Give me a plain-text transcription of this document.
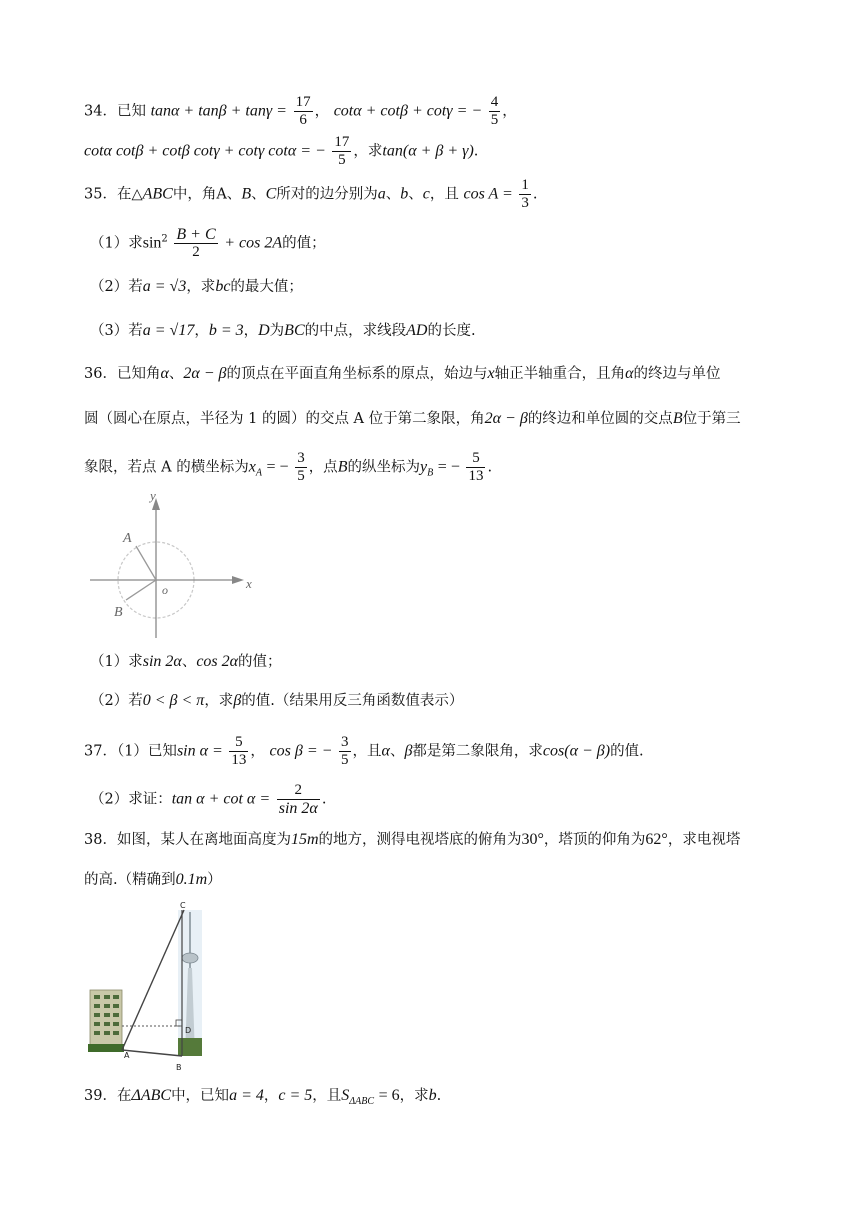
34．已知 $\tan\alpha + \tan\beta + \tan\gamma = \frac{17}{6}$ ， cotα + cotβ + cotγ = − $\frac{4}{5}$ ，
cotα cotβ + cotβ cotγ + cotγ cotα = − $\frac{17}{5}$ ，求tan(α + β + γ).
35．在△ABC中，角A、B、C所对的边分别为a、b、c，且 $\cos A = \frac{1}{3}$ .
（1）求$\sin^2 \frac{B + C}{2} + \cos 2A$的值；
（2）若a = √3，求bc的最大值；
（3）若a = √17，b = 3，D为BC的中点，求线段AD的长度.
36．已知角α、2α − β的顶点在平面直角坐标系的原点，始边与x轴正半轴重合，且角α的终边与单位
圆（圆心在原点，半径为 1 的圆）的交点 A 位于第二象限，角2α − β的终边和单位圆的交点B位于第三
象限，若点 A 的横坐标为$x_A$ = − $\frac{3}{5}$ ，点B的纵坐标为$y_B$ = − $\frac{5}{13}$ .
y
x
o
A
B
（1）求sin 2α、cos 2α的值；
（2）若0 < β < π，求β的值.（结果用反三角函数值表示）
37．（1）已知$\sin \alpha = \frac{5}{13}$ ， cos β = − $\frac{3}{5}$ ，且α、β都是第二象限角，求cos(α − β)的值.
（2）求证：$\tan \alpha + \cot \alpha = \frac{2}{\sin 2\alpha}$ .
38．如图，某人在离地面高度为15m的地方，测得电视塔底的俯角为30°，塔顶的仰角为62°，求电视塔
的高.（精确到0.1m）
C
A
B
D
39．在ΔABC中，已知a = 4，c = 5，且$S_{\Delta ABC} = 6$，求b.
